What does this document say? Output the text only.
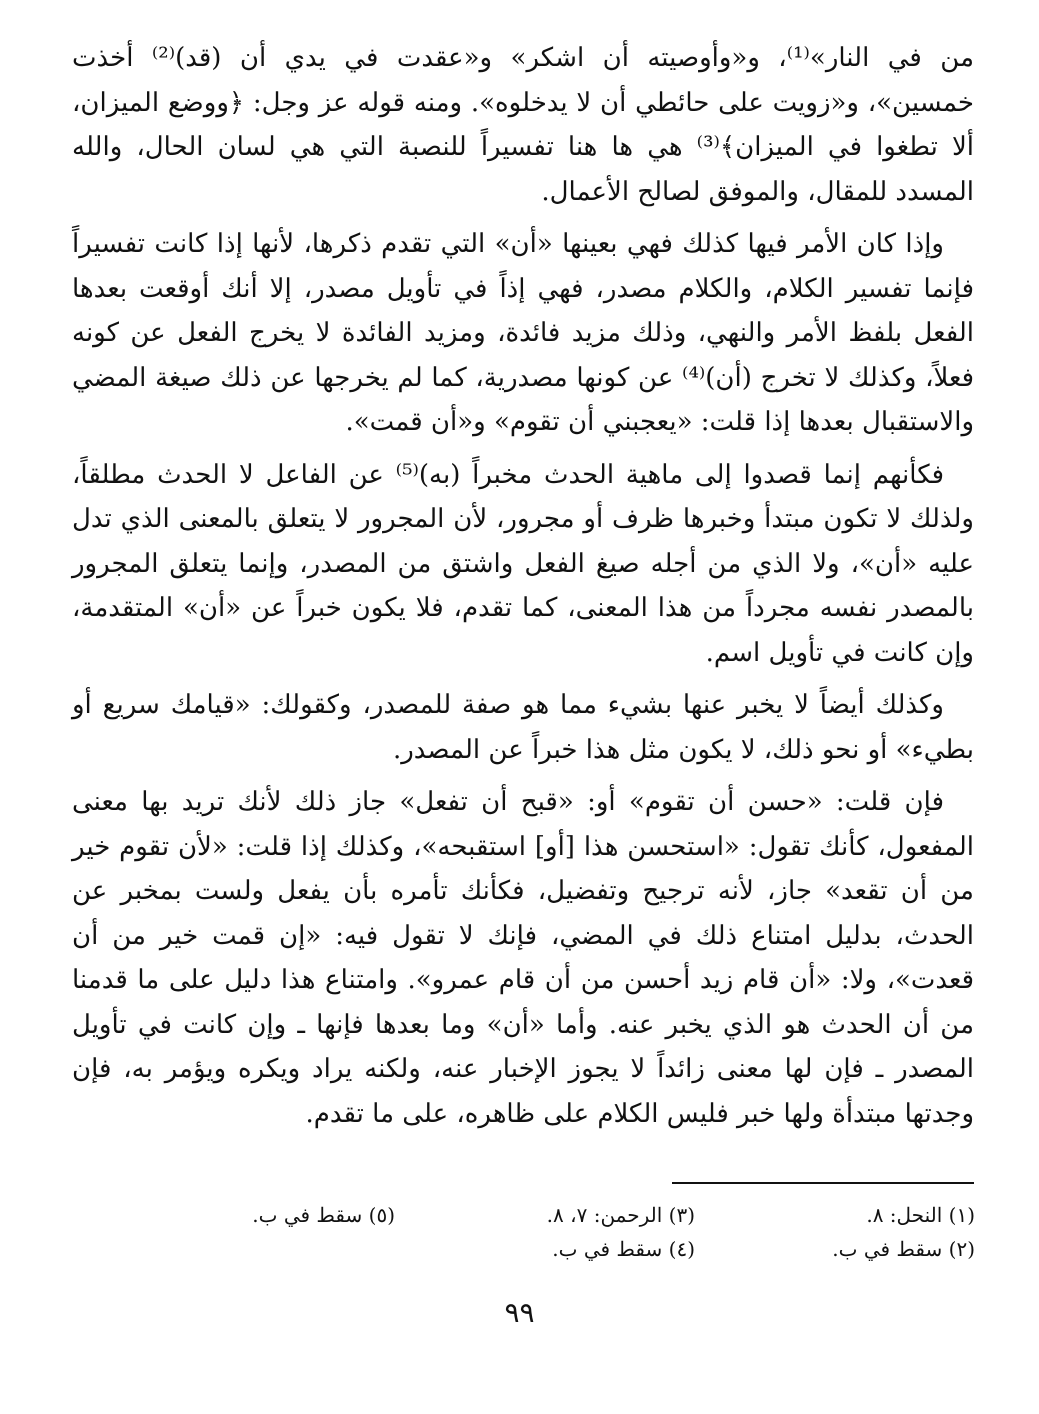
من في النار»⁽¹⁾، و«وأوصيته أن اشكر» و«عقدت في يدي أن (قد)⁽²⁾ أخذت خمسين»، و«زويت على حائطي أن لا يدخلوه». ومنه قوله عز وجل: ﴿ووضع الميزان، ألا تطغوا في الميزان﴾⁽³⁾ هي ها هنا تفسيراً للنصبة التي هي لسان الحال، والله المسدد للمقال، والموفق لصالح الأعمال.

وإذا كان الأمر فيها كذلك فهي بعينها «أن» التي تقدم ذكرها، لأنها إذا كانت تفسيراً فإنما تفسير الكلام، والكلام مصدر، فهي إذاً في تأويل مصدر، إلا أنك أوقعت بعدها الفعل بلفظ الأمر والنهي، وذلك مزيد فائدة، ومزيد الفائدة لا يخرج الفعل عن كونه فعلاً، وكذلك لا تخرج (أن)⁽⁴⁾ عن كونها مصدرية، كما لم يخرجها عن ذلك صيغة المضي والاستقبال بعدها إذا قلت: «يعجبني أن تقوم» و«أن قمت».

فكأنهم إنما قصدوا إلى ماهية الحدث مخبراً (به)⁽⁵⁾ عن الفاعل لا الحدث مطلقاً، ولذلك لا تكون مبتدأ وخبرها ظرف أو مجرور، لأن المجرور لا يتعلق بالمعنى الذي تدل عليه «أن»، ولا الذي من أجله صيغ الفعل واشتق من المصدر، وإنما يتعلق المجرور بالمصدر نفسه مجرداً من هذا المعنى، كما تقدم، فلا يكون خبراً عن «أن» المتقدمة، وإن كانت في تأويل اسم.

وكذلك أيضاً لا يخبر عنها بشيء مما هو صفة للمصدر، وكقولك: «قيامك سريع أو بطيء» أو نحو ذلك، لا يكون مثل هذا خبراً عن المصدر.

فإن قلت: «حسن أن تقوم» أو: «قبح أن تفعل» جاز ذلك لأنك تريد بها معنى المفعول، كأنك تقول: «استحسن هذا [أو] استقبحه»، وكذلك إذا قلت: «لأن تقوم خير من أن تقعد» جاز، لأنه ترجيح وتفضيل، فكأنك تأمره بأن يفعل ولست بمخبر عن الحدث، بدليل امتناع ذلك في المضي، فإنك لا تقول فيه: «إن قمت خير من أن قعدت»، ولا: «أن قام زيد أحسن من أن قام عمرو». وامتناع هذا دليل على ما قدمنا من أن الحدث هو الذي يخبر عنه. وأما «أن» وما بعدها فإنها ـ وإن كانت في تأويل المصدر ـ فإن لها معنى زائداً لا يجوز الإخبار عنه، ولكنه يراد ويكره ويؤمر به، فإن وجدتها مبتدأة ولها خبر فليس الكلام على ظاهره، على ما تقدم.

(١) النحل: ٨.
(٣) الرحمن: ٧، ٨.
(٥) سقط في ب.
(٢) سقط في ب.
(٤) سقط في ب.
٩٩
